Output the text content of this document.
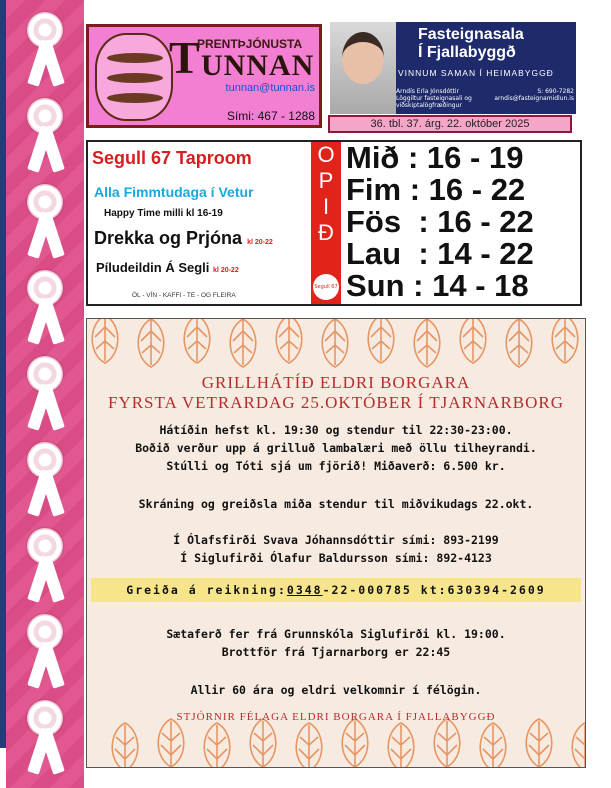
T
PRENTÞJÓNUSTA
UNNAN
tunnan@tunnan.is
Sími: 467 - 1288
Fasteignasala
Í Fjallabyggð
VINNUM SAMAN Í HEIMABYGGÐ
Arndís Erla Jónsdóttir
Löggiltur fasteignasali og viðskiptalögfræðingur
S: 690-7282
arndis@fasteignamidlun.is
36. tbl. 37. árg. 22. október 2025
Segull 67 Taproom
Alla Fimmtudaga í Vetur
Happy Time milli kl 16-19
Drekka og Prjóna kl 20-22
Píludeildin Á Segli kl 20-22
ÖL - VÍN - KAFFI - TE - OG FLEIRA
O
P
I
Ð
Segull 67
Mið : 16 - 19
Fim : 16 - 22
Fös  : 16 - 22
Lau  : 14 - 22
Sun : 14 - 18
GRILLHÁTÍÐ ELDRI BORGARA
FYRSTA VETRARDAG 25.OKTÓBER Í TJARNARBORG
Hátíðin hefst kl. 19:30 og stendur til 22:30-23:00.
Boðið verður upp á grilluð lambalæri með öllu tilheyrandi.
Stúlli og Tóti sjá um fjörið! Miðaverð: 6.500 kr.
Skráning og greiðsla miða stendur til miðvikudags 22.okt.
Í Ólafsfirði Svava Jóhannsdóttir sími: 893-2199
Í Siglufirði Ólafur Baldursson sími: 892-4123
Greiða á reikning:0348-22-000785 kt:630394-2609
Sætaferð fer frá Grunnskóla Siglufirði kl. 19:00.
Brottför frá Tjarnarborg er 22:45
Allir 60 ára og eldri velkomnir í félögin.
STJÓRNIR FÉLAGA ELDRI BORGARA Í FJALLABYGGÐ
